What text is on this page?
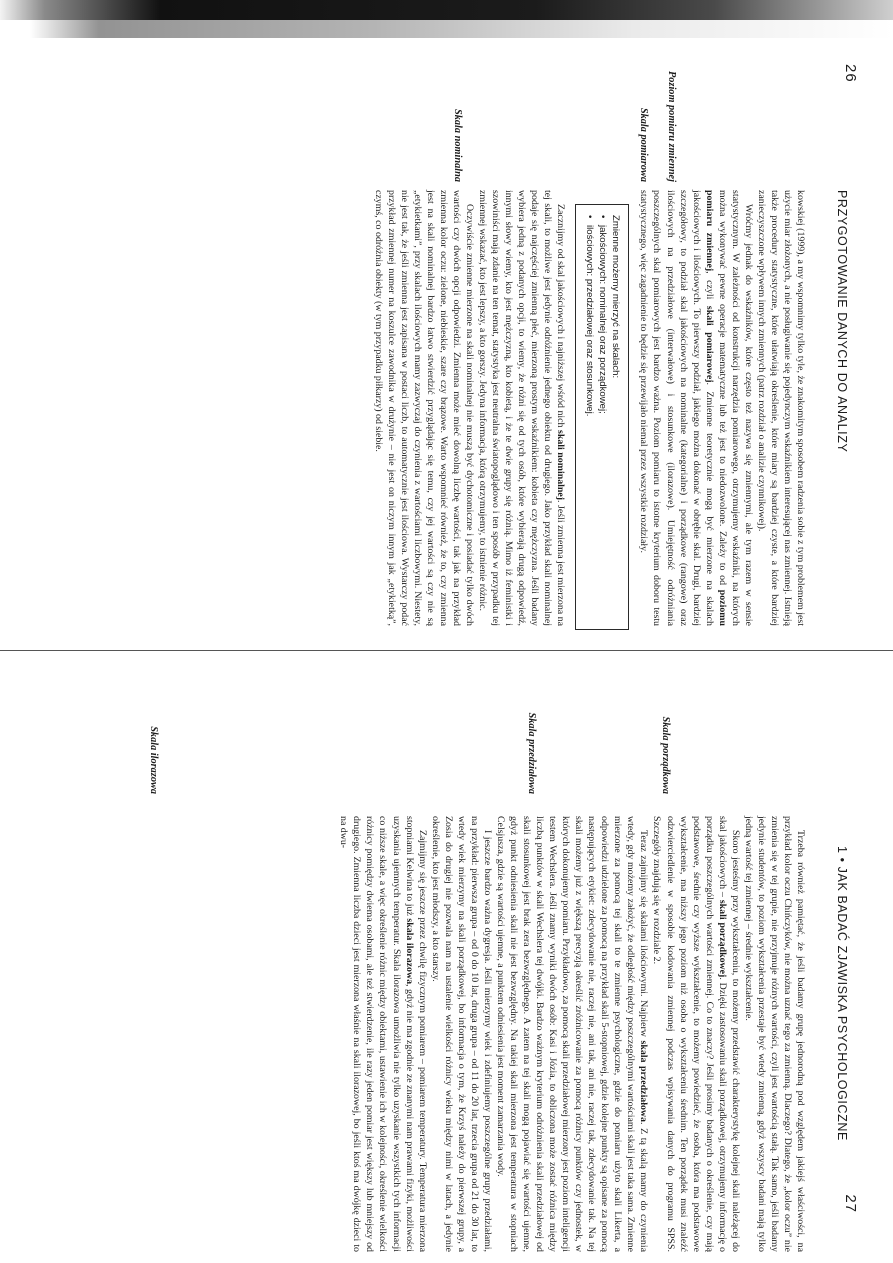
26
PRZYGOTOWANIE DANYCH DO ANALIZY
Poziom pomiaru zmiennej
Skala pomiarowa
Skala nominalna

kowskiej (1999), a my wspomnimy tylko tyle, że znakomitym sposobem radzenia sobie z tym problemem jest użycie miar złożonych, a nie posługiwanie się pojedynczym wskaźnikiem interesującej nas zmiennej. Istnieją także procedury statystyczne, które ułatwiają określenie, które miary są bardziej czyste, a które bardziej zanieczyszczone wpływem innych zmiennych (patrz rozdział o analizie czynnikowej).

Wróćmy jednak do wskaźników, które często też nazywa się zmiennymi, ale tym razem w sensie statystycznym. W zależności od konstrukcji narzędzia pomiarowego, otrzymujemy wskaźniki, na których można wykonywać pewne operacje matematyczne lub też jest to niedozwolone. Zależy to od poziomu pomiaru zmiennej, czyli skali pomiarowej. Zmienne teoretycznie mogą być mierzone na skalach jakościowych i ilościowych. To pierwszy podział, jakiego można dokonać w obrębie skal. Drugi, bardziej szczegółowy, to podział skal jakościowych na nominalne (kategorialne) i porządkowe (rangowe) oraz ilościowych na przedziałowe (interwałowe) i stosunkowe (ilorazowe). Umiejętność odróżniania poszczególnych skal pomiarowych jest bardzo ważna. Poziom pomiaru to istotne kryterium doboru testu statystycznego, więc zagadnienie to będzie się przewijało niemal przez wszystkie rozdziały.

Zmienne możemy mierzyć na skalach:
• jakościowych: nominalnej oraz porządkowej;
• ilościowych: przedziałowej oraz stosunkowej.

Zacznijmy od skal jakościowych i najniższej wśród nich skali nominalnej. Jeśli zmienna jest mierzona na tej skali, to możliwe jest jedynie odróżnienie jednego obiektu od drugiego. Jako przykład skali nominalnej podaje się najczęściej zmienną płeć, mierzoną prostym wskaźnikiem: kobieta czy mężczyzna. Jeśli badany wybiera jedną z podanych opcji, to wiemy, że różni się od tych osób, które wybierają drugą odpowiedź, innymi słowy wiemy, kto jest mężczyzną, kto kobietą, i że te dwie grupy się różnią. Mimo iż feministki i szowiniści mają zdanie na ten temat, statystyka jest neutralna światopoglądowo i ten sposób w przypadku tej zmiennej wskazać, kto jest lepszy, a kto gorszy. Jedyna informacja, którą otrzymujemy, to istnienie różnic.

Oczywiście zmienne mierzone na skali nominalnej nie muszą być dychotomiczne i posiadać tylko dwóch wartości czy dwóch opcji odpowiedzi. Zmienna może mieć dowolną liczbę wartości, tak jak na przykład zmienna kolor oczu: zielone, niebieskie, szare czy brązowe. Warto wspomnieć również, że to, czy zmienna jest na skali nominalnej bardzo łatwo stwierdzić przyglądając się temu, czy jej wartości są czy nie są „etykietkami”, przy skalach ilościowych mamy zazwyczaj do czynienia z wartościami liczbowymi. Niestety, nie jest tak, że jeśli zmienna jest zapisana w postaci liczb, to automatycznie jest ilościowa. Wystarczy podać przykład zmiennej numer na koszulce zawodnika w drużynie – nie jest on niczym innym jak „etykietką”, czymś, co odróżnia obiekty (w tym przypadku piłkarzy) od siebie.

27
1 • JAK BADAĆ ZJAWISKA PSYCHOLOGICZNE
Skala porządkowa
Skala przedziałowa
Skala ilorazowa

Trzeba również pamiętać, że jeśli badamy grupę jednorodną pod względem jakiejś właściwości, na przykład kolor oczu Chińczyków, nie można uznać tego za zmienną. Dlaczego? Dlatego, że „kolor oczu” nie zmienia się w tej grupie, nie przyjmuje różnych wartości, czyli jest wartością stałą. Tak samo, jeśli badamy jedynie studentów, to poziom wykształcenia przestaje być wtedy zmienną, gdyż wszyscy badani mają tylko jedną wartość tej zmiennej – średnie wykształcenie.

Skoro jesteśmy przy wykształceniu, to możemy przedstawić charakterystykę kolejnej skali należącej do skal jakościowych – skali porządkowej. Dzięki zastosowaniu skali porządkowej, otrzymujemy informację o porządku poszczególnych wartości zmiennej. Co to znaczy? Jeśli prosimy badanych o określenie, czy mają podstawowe, średnie czy wyższe wykształcenie, to możemy powiedzieć, że osoba, która ma podstawowe wykształcenie, ma niższy jego poziom niż osoba o wykształceniu średnim. Ten porządek musi znaleźć odzwierciedlenie w sposobie kodowania zmiennej podczas wpisywania danych do programu SPSS. Szczegóły znajdują się w rozdziale 2.

Teraz zajmijmy się skalami ilościowymi. Najpierw skala przedziałowa. Z tą skalą mamy do czynienia wtedy, gdy możemy założyć, że odległość między poszczególnymi wartościami skali jest taka sama. Zmienne mierzone za pomocą tej skali to te zmienne psychologiczne, gdzie do pomiaru użyto skali Likerta, a odpowiedzi udzielone za pomocą na przykład skali 5-stopniowej, gdzie kolejne punkty są opisane za pomocą następujących etykiet: zdecydowanie nie, raczej nie, ani tak, ani nie, raczej tak, zdecydowanie tak. Na tej skali możemy już z większą precyzją określić zróżnicowanie za pomocą różnicy punktów czy jednostek, w których dokonujemy pomiaru. Przykładowo, za pomocą skali przedziałowej mierzony jest poziom inteligencji testem Wechslera. Jeśli znamy wyniki dwóch osób: Kasi i Józia, to obliczona może zostać różnica między liczbą punktów w skali Wechslera tej dwójki. Bardzo ważnym kryterium odróżnienia skali przedziałowej od skali stosunkowej jest brak zera bezwzględnego. A zatem na tej skali mogą pojawiać się wartości ujemne, gdyż punkt odniesienia skali nie jest bezwzględny. Na takiej skali mierzona jest temperatura w stopniach Celsjusza, gdzie są wartości ujemne, a punktem odniesienia jest moment zamarzania wody.

I jeszcze bardzo ważna dygresja. Jeśli mierzymy wiek i zdefiniujemy poszczególne grupy przedziałami, na przykład: pierwsza grupa – od 0 do 10 lat, druga grupa – od 11 do 20 lat, trzecia grupa od 21 do 30 lat, to wtedy wiek mierzymy na skali porządkowej, bo informacja o tym, że Krzyś należy do pierwszej grupy, a Zosia do drugiej nie pozwala nam na ustalenie wielkości różnicy wieku między nimi w latach, a jedynie określenie, kto jest młodszy, a kto starszy.

Zajmijmy się jeszcze przez chwilę fizycznym pomiarem – pomiarem temperatury. Temperatura mierzona stopniami Kelwina to już skala ilorazowa, gdyż nie ma zgodnie ze znanymi nam prawami fizyki, możliwości uzyskania ujemnych temperatur. Skala ilorazowa umożliwia nie tylko uzyskanie wszystkich tych informacji co niższe skale, a więc określenie różnic między obiektami, ustawienie ich w kolejności, określenie wielkości różnicy pomiędzy dwiema osobami, ale też stwierdzenie, ile razy jeden pomiar jest większy lub mniejszy od drugiego. Zmienna liczba dzieci jest mierzona właśnie na skali ilorazowej, bo jeśli ktoś ma dwójkę dzieci to na dwu-
